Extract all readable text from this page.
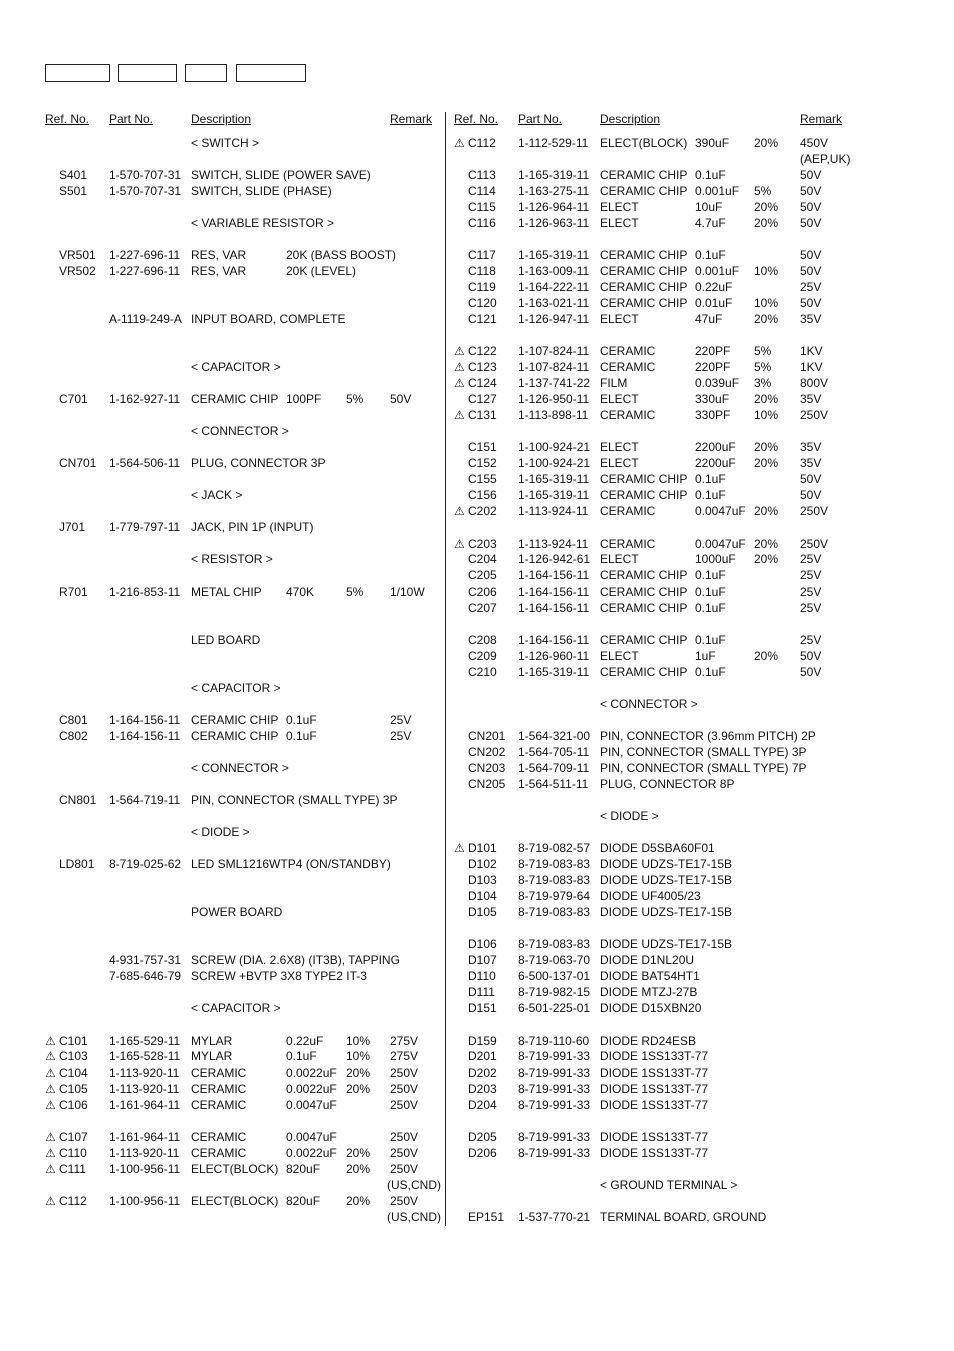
Ref. No. Part No.	Description	Remark Ref. No. Part No.	Description	Remark
< SWITCH >
S401 1-570-707-31 SWITCH, SLIDE (POWER SAVE)
S501 1-570-707-31 SWITCH, SLIDE (PHASE)
< VARIABLE RESISTOR >
VR501 1-227-696-11 RES, VAR	20K (BASS BOOST)
VR502 1-227-696-11 RES, VAR	20K (LEVEL)
A-1119-249-A INPUT BOARD, COMPLETE
< CAPACITOR >
C701 1-162-927-11 CERAMIC CHIP 100PF 5% 50V
< CONNECTOR >
CN701 1-564-506-11 PLUG, CONNECTOR 3P
< JACK >
J701 1-779-797-11 JACK, PIN 1P (INPUT)
< RESISTOR >
R701 1-216-853-11 METAL CHIP 470K	5% 1/10W
LED BOARD
< CAPACITOR >
C801 1-164-156-11 CERAMIC CHIP 0.1uF	25V
C802 1-164-156-11 CERAMIC CHIP 0.1uF	25V
< CONNECTOR >
CN801 1-564-719-11 PIN, CONNECTOR (SMALL TYPE) 3P
< DIODE >
LD801 8-719-025-62 LED SML1216WTP4 (ON/STANDBY)
POWER BOARD
4-931-757-31 SCREW (DIA. 2.6X8) (IT3B), TAPPING
7-685-646-79 SCREW +BVTP 3X8 TYPE2 IT-3
< CAPACITOR >
⚠ C101 1-165-529-11 MYLAR	0.22uF 10% 275V
⚠ C103 1-165-528-11 MYLAR	0.1uF 10% 275V
⚠ C104 1-113-920-11 CERAMIC	0.0022uF 20% 250V
⚠ C105 1-113-920-11 CERAMIC	0.0022uF 20% 250V
⚠ C106 1-161-964-11 CERAMIC	0.0047uF	250V
⚠ C107 1-161-964-11 CERAMIC	0.0047uF	250V
⚠ C110 1-113-920-11 CERAMIC	0.0022uF 20% 250V
⚠ C111 1-100-956-11 ELECT(BLOCK) 820uF 20% 250V
(US,CND)
⚠ C112 1-100-956-11 ELECT(BLOCK) 820uF 20% 250V
(US,CND)
⚠ C112 1-112-529-11 ELECT(BLOCK) 390uF 20% 450V
(AEP,UK)
C113 1-165-319-11 CERAMIC CHIP 0.1uF	50V
C114 1-163-275-11 CERAMIC CHIP 0.001uF 5% 50V
C115 1-126-964-11 ELECT	10uF	20% 50V
C116 1-126-963-11 ELECT	4.7uF 20% 50V
C117 1-165-319-11 CERAMIC CHIP 0.1uF	50V
C118 1-163-009-11 CERAMIC CHIP 0.001uF 10% 50V
C119 1-164-222-11 CERAMIC CHIP 0.22uF	25V
C120 1-163-021-11 CERAMIC CHIP 0.01uF 10% 50V
C121 1-126-947-11 ELECT	47uF	20% 35V
⚠ C122 1-107-824-11 CERAMIC	220PF 5% 1KV
⚠ C123 1-107-824-11 CERAMIC	220PF 5% 1KV
⚠ C124 1-137-741-22 FILM	0.039uF 3% 800V
C127 1-126-950-11 ELECT	330uF 20% 35V
⚠ C131 1-113-898-11 CERAMIC	330PF 10% 250V
C151 1-100-924-21 ELECT	2200uF 20% 35V
C152 1-100-924-21 ELECT	2200uF 20% 35V
C155 1-165-319-11 CERAMIC CHIP 0.1uF	50V
C156 1-165-319-11 CERAMIC CHIP 0.1uF	50V
⚠ C202 1-113-924-11 CERAMIC	0.0047uF 20% 250V
⚠ C203 1-113-924-11 CERAMIC	0.0047uF 20% 250V
C204 1-126-942-61 ELECT	1000uF 20% 25V
C205 1-164-156-11 CERAMIC CHIP 0.1uF	25V
C206 1-164-156-11 CERAMIC CHIP 0.1uF	25V
C207 1-164-156-11 CERAMIC CHIP 0.1uF	25V
C208 1-164-156-11 CERAMIC CHIP 0.1uF	25V
C209 1-126-960-11 ELECT	1uF	20% 50V
C210 1-165-319-11 CERAMIC CHIP 0.1uF	50V
< CONNECTOR >
CN201 1-564-321-00 PIN, CONNECTOR (3.96mm PITCH) 2P
CN202 1-564-705-11 PIN, CONNECTOR (SMALL TYPE) 3P
CN203 1-564-709-11 PIN, CONNECTOR (SMALL TYPE) 7P
CN205 1-564-511-11 PLUG, CONNECTOR 8P
< DIODE >
⚠ D101 8-719-082-57 DIODE D5SBA60F01
D102 8-719-083-83 DIODE UDZS-TE17-15B
D103 8-719-083-83 DIODE UDZS-TE17-15B
D104 8-719-979-64 DIODE UF4005/23
D105 8-719-083-83 DIODE UDZS-TE17-15B
D106 8-719-083-83 DIODE UDZS-TE17-15B
D107 8-719-063-70 DIODE D1NL20U
D110 6-500-137-01 DIODE BAT54HT1
D111 8-719-982-15 DIODE MTZJ-27B
D151 6-501-225-01 DIODE D15XBN20
D159 8-719-110-60 DIODE RD24ESB
D201 8-719-991-33 DIODE 1SS133T-77
D202 8-719-991-33 DIODE 1SS133T-77
D203 8-719-991-33 DIODE 1SS133T-77
D204 8-719-991-33 DIODE 1SS133T-77
D205 8-719-991-33 DIODE 1SS133T-77
D206 8-719-991-33 DIODE 1SS133T-77
< GROUND TERMINAL >
EP151 1-537-770-21 TERMINAL BOARD, GROUND
